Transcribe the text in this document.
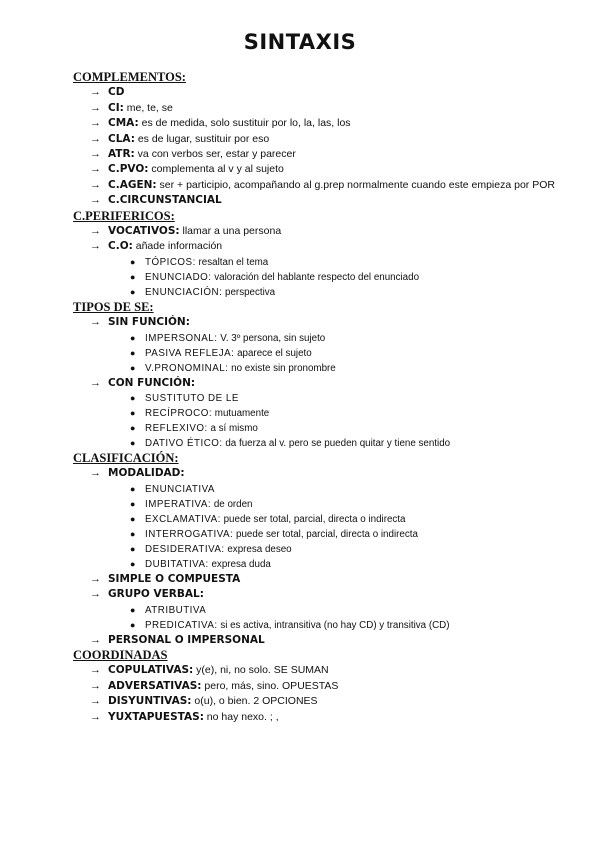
SINTAXIS
COMPLEMENTOS:
→ CD
→ CI: me, te, se
→ CMA: es de medida, solo sustituir por lo, la, las, los
→ CLA: es de lugar, sustituir por eso
→ ATR: va con verbos ser, estar y parecer
→ C.PVO: complementa al v y al sujeto
→ C.AGEN: ser + participio, acompañando al g.prep normalmente cuando este empieza por POR
→ C.CIRCUNSTANCIAL
C.PERIFERICOS:
→ VOCATIVOS: llamar a una persona
→ C.O: añade información
● TÓPICOS: resaltan el tema
● ENUNCIADO: valoración del hablante respecto del enunciado
● ENUNCIACIÓN: perspectiva
TIPOS DE SE:
→ SIN FUNCIÓN:
● IMPERSONAL: V. 3º persona, sin sujeto
● PASIVA REFLEJA: aparece el sujeto
● V.PRONOMINAL: no existe sin pronombre
→ CON FUNCIÓN:
● SUSTITUTO DE LE
● RECÍPROCO: mutuamente
● REFLEXIVO: a sí mismo
● DATIVO ÉTICO: da fuerza al v. pero se pueden quitar y tiene sentido
CLASIFICACIÓN:
→ MODALIDAD:
● ENUNCIATIVA
● IMPERATIVA: de orden
● EXCLAMATIVA: puede ser total, parcial, directa o indirecta
● INTERROGATIVA: puede ser total, parcial, directa o indirecta
● DESIDERATIVA: expresa deseo
● DUBITATIVA: expresa duda
→ SIMPLE O COMPUESTA
→ GRUPO VERBAL:
● ATRIBUTIVA
● PREDICATIVA: si es activa, intransitiva (no hay CD) y transitiva (CD)
→ PERSONAL O IMPERSONAL
COORDINADAS
→ COPULATIVAS: y(e), ni, no solo. SE SUMAN
→ ADVERSATIVAS: pero, más, sino. OPUESTAS
→ DISYUNTIVAS: o(u), o bien. 2 OPCIONES
→ YUXTAPUESTAS: no hay nexo. ; ,
